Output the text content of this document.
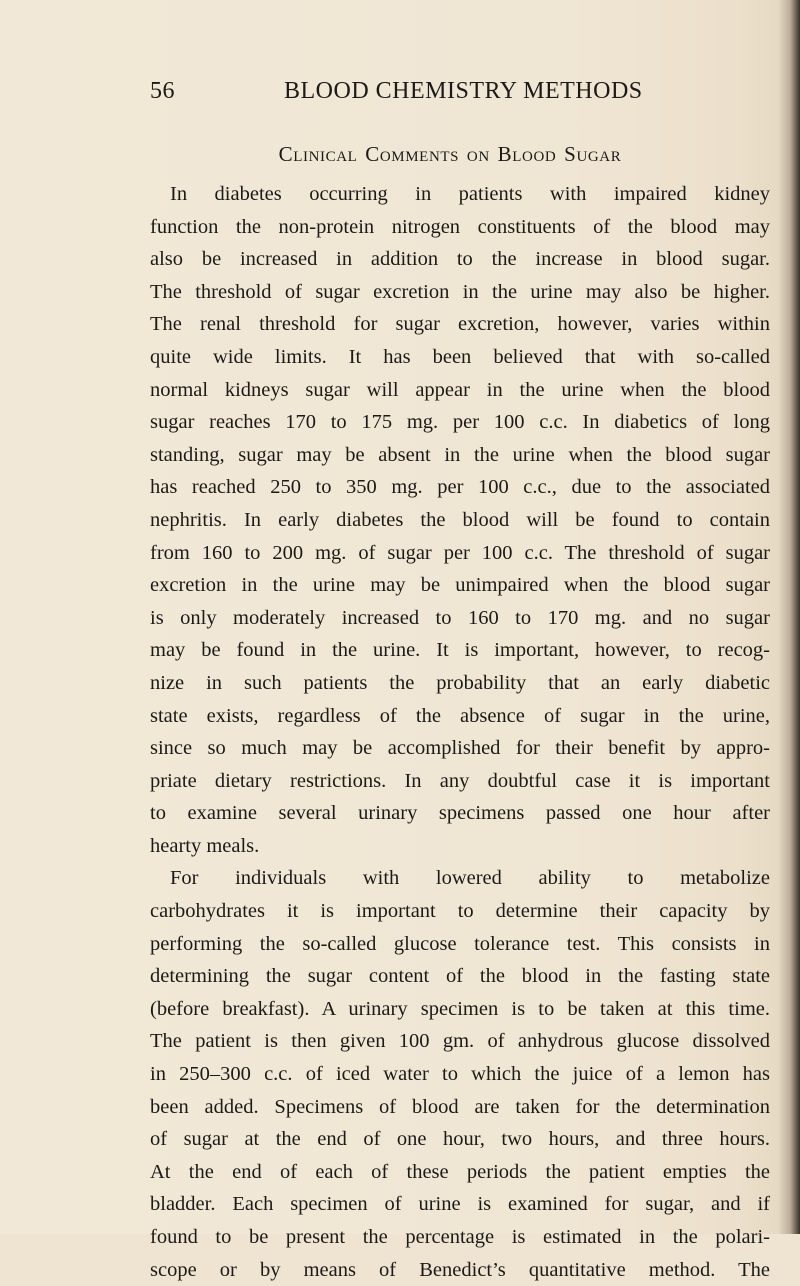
56	BLOOD CHEMISTRY METHODS
Clinical Comments on Blood Sugar
In diabetes occurring in patients with impaired kidney
function the non-protein nitrogen constituents of the blood may
also be increased in addition to the increase in blood sugar.
The threshold of sugar excretion in the urine may also be higher.
The renal threshold for sugar excretion, however, varies within
quite wide limits. It has been believed that with so-called
normal kidneys sugar will appear in the urine when the blood
sugar reaches 170 to 175 mg. per 100 c.c. In diabetics of long
standing, sugar may be absent in the urine when the blood sugar
has reached 250 to 350 mg. per 100 c.c., due to the associated
nephritis. In early diabetes the blood will be found to contain
from 160 to 200 mg. of sugar per 100 c.c. The threshold of sugar
excretion in the urine may be unimpaired when the blood sugar
is only moderately increased to 160 to 170 mg. and no sugar
may be found in the urine. It is important, however, to recog-
nize in such patients the probability that an early diabetic
state exists, regardless of the absence of sugar in the urine,
since so much may be accomplished for their benefit by appro-
priate dietary restrictions. In any doubtful case it is important
to examine several urinary specimens passed one hour after
hearty meals.
For individuals with lowered ability to metabolize
carbohydrates it is important to determine their capacity by
performing the so-called glucose tolerance test. This consists in
determining the sugar content of the blood in the fasting state
(before breakfast). A urinary specimen is to be taken at this time.
The patient is then given 100 gm. of anhydrous glucose dissolved
in 250–300 c.c. of iced water to which the juice of a lemon has
been added. Specimens of blood are taken for the determination
of sugar at the end of one hour, two hours, and three hours.
At the end of each of these periods the patient empties the
bladder. Each specimen of urine is examined for sugar, and if
found to be present the percentage is estimated in the polari-
scope or by means of Benedict’s quantitative method. The
